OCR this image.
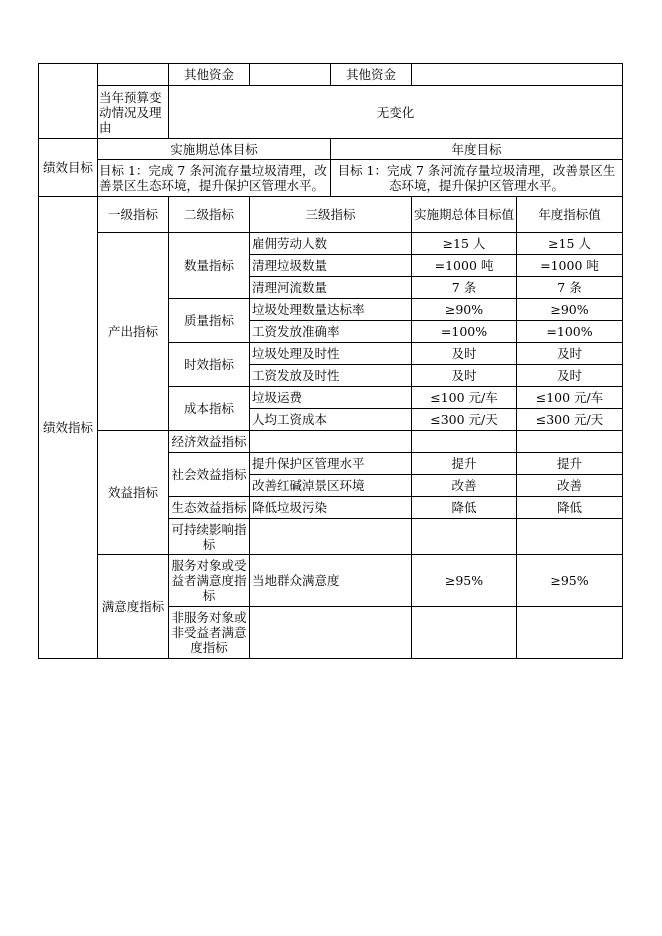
		其他资金		其他资金		
	当年预算变动情况及理由	无变化				
绩效目标	实施期总体目标			年度目标		
	目标 1：完成 7 条河流存量垃圾清理，改善景区生态环境，提升保护区管理水平。			目标 1：完成 7 条河流存量垃圾清理，改善景区生态环境，提升保护区管理水平。		
绩效指标	一级指标	二级指标	三级指标		实施期总体目标值	年度指标值
	产出指标	数量指标	雇佣劳动人数		≥15 人	≥15 人
			清理垃圾数量		=1000 吨	=1000 吨
			清理河流数量		7 条	7 条
		质量指标	垃圾处理数量达标率		≥90%	≥90%
			工资发放准确率		=100%	=100%
		时效指标	垃圾处理及时性		及时	及时
			工资发放及时性		及时	及时
		成本指标	垃圾运费		≤100 元/车	≤100 元/车
			人均工资成本		≤300 元/天	≤300 元/天
	效益指标	经济效益指标				
		社会效益指标	提升保护区管理水平		提升	提升
			改善红碱淖景区环境		改善	改善
		生态效益指标	降低垃圾污染		降低	降低
		可持续影响指标				

	满意度指标	服务对象或受益者满意度指标	当地群众满意度		≥95%	≥95%
		非服务对象或非受益者满意度指标				
